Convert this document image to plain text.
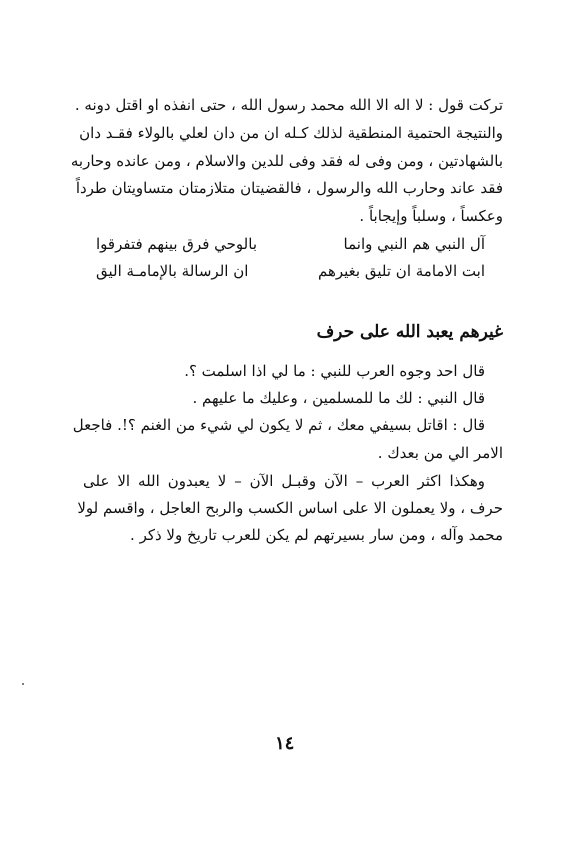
تركت قول : لا اله الا الله محمد رسول الله ، حتى انفذه او اقتل دونه .
والنتيجة الحتمية المنطقية لذلك كـله ان من دان لعلي بالولاء فقـد دان
بالشهادتين ، ومن وفى له فقد وفى للدين والاسلام ، ومن عانده وحاربه
فقد عاند وحارب الله والرسول ، فالقضيتان متلازمتان متساويتان طرداً
وعكساً ، وسلباً وإيجاباً .
آل النبي هم النبي وانما
بالوحي فرق بينهم فتفرقوا
ابت الامامة ان تليق بغيرهم
ان الرسالة بالإمامـة اليق
غيرهم يعبد الله على حرف
قال احد وجوه العرب للنبي : ما لي اذا اسلمت ؟.
قال النبي : لك ما للمسلمين ، وعليك ما عليهم .
قال : اقاتل بسيفي معك ، ثم لا يكون لي شيء من الغنم ؟!. فاجعل
الامر الي من بعدك .
وهكذا اكثر العرب – الآن وقبـل الآن – لا يعبدون الله الا على
حرف ، ولا يعملون الا على اساس الكسب والربح العاجل ، واقسم لولا
محمد وآله ، ومن سار بسيرتهم لم يكن للعرب تاريخ ولا ذكر .
١٤
